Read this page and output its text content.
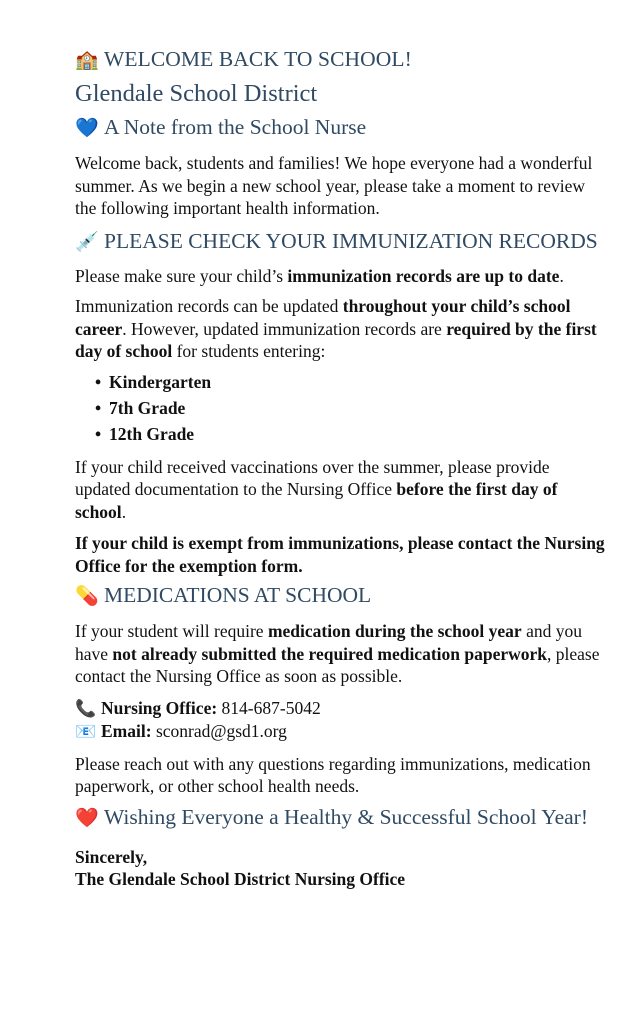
🏫 WELCOME BACK TO SCHOOL!
Glendale School District
💙 A Note from the School Nurse

Welcome back, students and families! We hope everyone had a wonderful summer. As we begin a new school year, please take a moment to review the following important health information.

💉 PLEASE CHECK YOUR IMMUNIZATION RECORDS

Please make sure your child’s immunization records are up to date.

Immunization records can be updated throughout your child’s school career. However, updated immunization records are required by the first day of school for students entering:

• Kindergarten
• 7th Grade
• 12th Grade

If your child received vaccinations over the summer, please provide updated documentation to the Nursing Office before the first day of school.

If your child is exempt from immunizations, please contact the Nursing Office for the exemption form.

💊 MEDICATIONS AT SCHOOL

If your student will require medication during the school year and you have not already submitted the required medication paperwork, please contact the Nursing Office as soon as possible.

📞 Nursing Office: 814-687-5042

📧 Email: sconrad@gsd1.org

Please reach out with any questions regarding immunizations, medication paperwork, or other school health needs.

❤️ Wishing Everyone a Healthy & Successful School Year!

Sincerely,

The Glendale School District Nursing Office
